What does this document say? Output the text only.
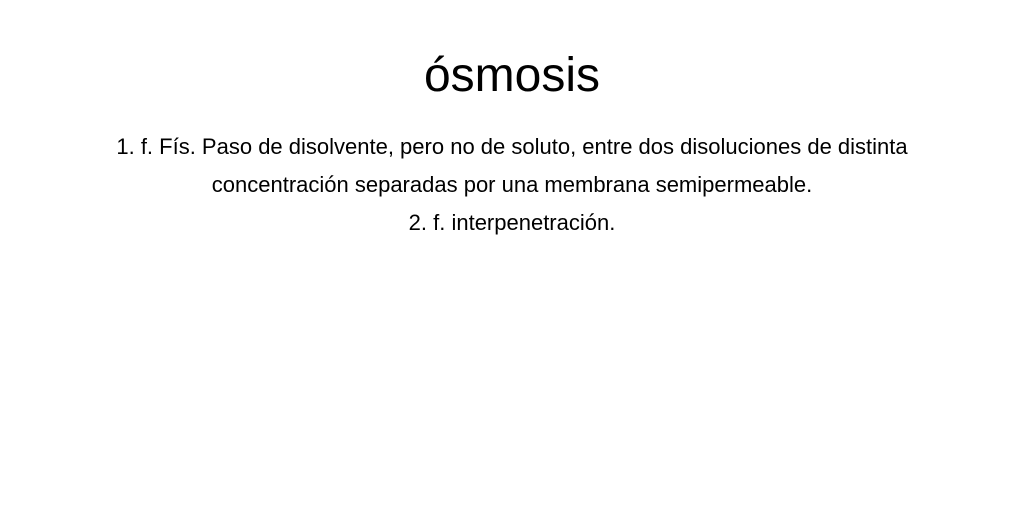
ósmosis

1. f. Fís. Paso de disolvente, pero no de soluto, entre dos disoluciones de distinta concentración separadas por una membrana semipermeable.

2. f. interpenetración.
